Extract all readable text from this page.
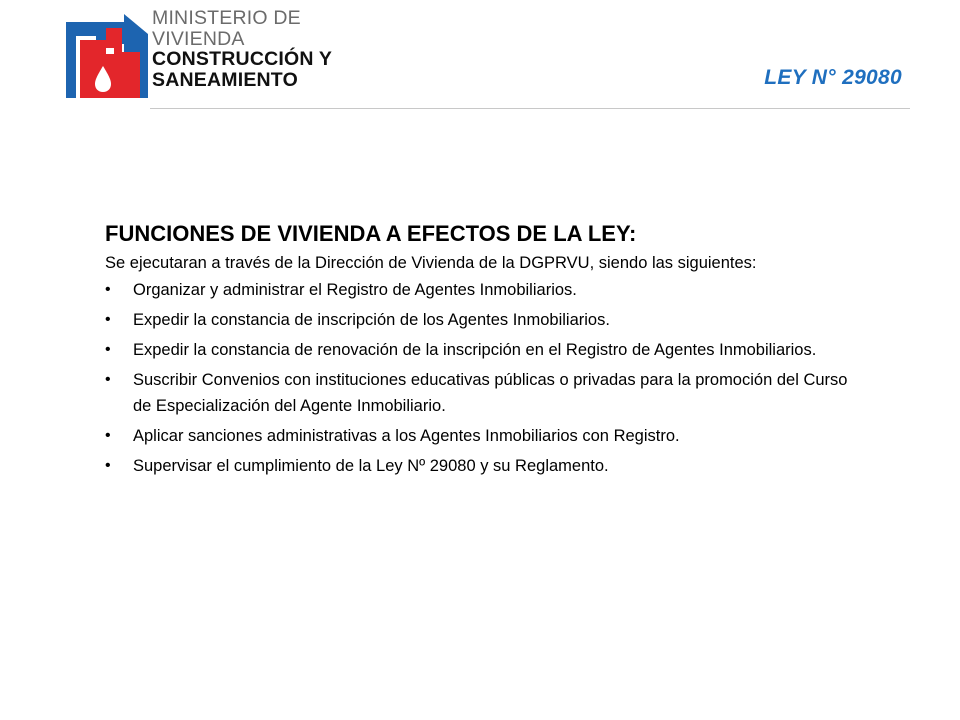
MINISTERIO DE
VIVIENDA
CONSTRUCCIÓN Y
SANEAMIENTO	LEY N° 29080
FUNCIONES DE VIVIENDA A EFECTOS DE LA LEY:

Se ejecutaran a través de la Dirección de Vivienda de la DGPRVU, siendo las siguientes:

• Organizar y administrar el Registro de Agentes Inmobiliarios.
• Expedir la constancia de inscripción de los Agentes Inmobiliarios.
• Expedir la constancia de renovación de la inscripción en el Registro de Agentes Inmobiliarios.
• Suscribir Convenios con instituciones educativas públicas o privadas para la promoción del Curso de Especialización del Agente Inmobiliario.
• Aplicar sanciones administrativas a los Agentes Inmobiliarios con Registro.
• Supervisar el cumplimiento de la Ley Nº 29080 y su Reglamento.
